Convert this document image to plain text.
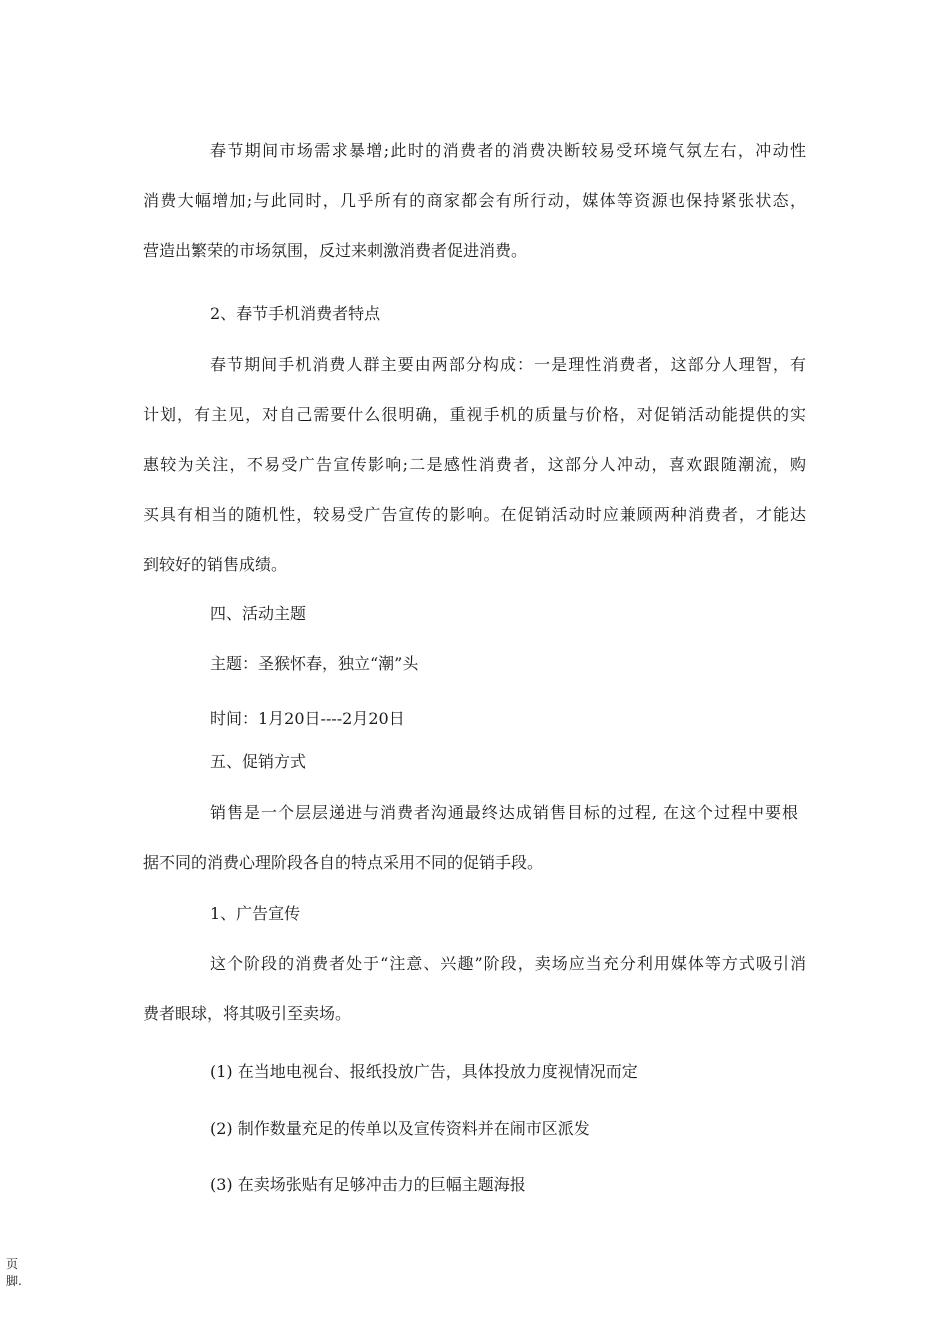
春节期间市场需求暴增;此时的消费者的消费决断较易受环境气氛左右，冲动性
消费大幅增加;与此同时，几乎所有的商家都会有所行动，媒体等资源也保持紧张状态，
营造出繁荣的市场氛围，反过来刺激消费者促进消费。
2、春节手机消费者特点
春节期间手机消费人群主要由两部分构成：一是理性消费者，这部分人理智，有
计划，有主见，对自己需要什么很明确，重视手机的质量与价格，对促销活动能提供的实
惠较为关注，不易受广告宣传影响;二是感性消费者，这部分人冲动，喜欢跟随潮流，购
买具有相当的随机性，较易受广告宣传的影响。在促销活动时应兼顾两种消费者，才能达
到较好的销售成绩。
四、活动主题
主题：圣猴怀春，独立“潮”头
时间：1月20日----2月20日
五、促销方式
销售是一个层层递进与消费者沟通最终达成销售目标的过程, 在这个过程中要根
据不同的消费心理阶段各自的特点采用不同的促销手段。
1、广告宣传
这个阶段的消费者处于“注意、兴趣”阶段，卖场应当充分利用媒体等方式吸引消
费者眼球，将其吸引至卖场。
(1) 在当地电视台、报纸投放广告，具体投放力度视情况而定
(2) 制作数量充足的传单以及宣传资料并在闹市区派发
(3) 在卖场张贴有足够冲击力的巨幅主题海报
页
脚.
